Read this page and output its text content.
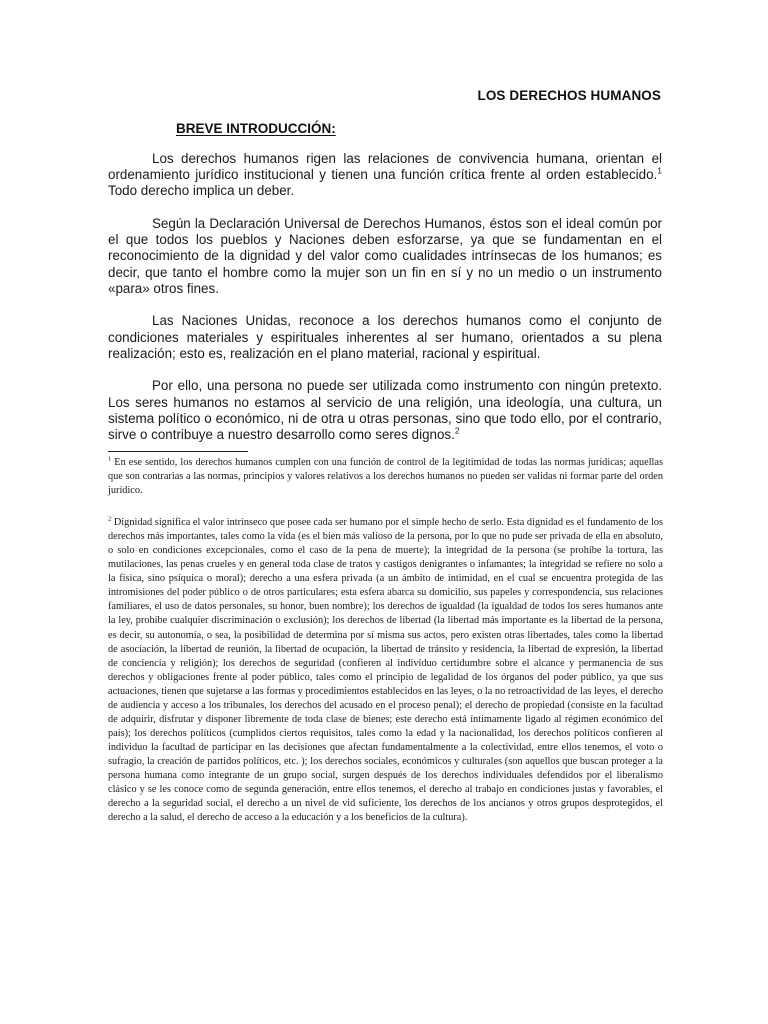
LOS DERECHOS HUMANOS
BREVE INTRODUCCIÓN:

Los derechos humanos rigen las relaciones de convivencia humana, orientan el ordenamiento jurídico institucional y tienen una función crítica frente al orden establecido.$^1$ Todo derecho implica un deber.

Según la Declaración Universal de Derechos Humanos, éstos son el ideal común por el que todos los pueblos y Naciones deben esforzarse, ya que se fundamentan en el reconocimiento de la dignidad y del valor como cualidades intrínsecas de los humanos; es decir, que tanto el hombre como la mujer son un fin en sí y no un medio o un instrumento «para» otros fines.

Las Naciones Unidas, reconoce a los derechos humanos como el conjunto de condiciones materiales y espirituales inherentes al ser humano, orientados a su plena realización; esto es, realización en el plano material, racional y espiritual.

Por ello, una persona no puede ser utilizada como instrumento con ningún pretexto. Los seres humanos no estamos al servicio de una religión, una ideología, una cultura, un sistema político o económico, ni de otra u otras personas, sino que todo ello, por el contrario, sirve o contribuye a nuestro desarrollo como seres dignos.$^2$

$^1$ En ese sentido, los derechos humanos cumplen con una función de control de la legitimidad de todas las normas jurídicas; aquellas que son contrarias a las normas, principios y valores relativos a los derechos humanos no pueden ser validas ni formar parte del orden jurídico.

$^2$ Dignidad significa el valor intrínseco que posee cada ser humano por el simple hecho de serlo. Esta dignidad es el fundamento de los derechos más importantes, tales como la vida (es el bien más valioso de la persona, por lo que no pude ser privada de ella en absoluto, o solo en condiciones excepcionales, como el caso de la pena de muerte); la integridad de la persona (se prohíbe la tortura, las mutilaciones, las penas crueles y en general toda clase de tratos y castigos denigrantes o infamantes; la integridad se refiere no solo a la física, sino psíquica o moral); derecho a una esfera privada (a un ámbito de intimidad, en el cual se encuentra protegida de las intromisiones del poder público o de otros particulares; esta esfera abarca su domicilio, sus papeles y correspondencia, sus relaciones familiares, el uso de datos personales, su honor, buen nombre); los derechos de igualdad (la igualdad de todos los seres humanos ante la ley, prohíbe cualquier discriminación o exclusión); los derechos de libertad (la libertad más importante es la libertad de la persona, es decir, su autonomía, o sea, la posibilidad de determina por sí misma sus actos, pero existen otras libertades, tales como la libertad de asociación, la libertad de reunión, la libertad de ocupación, la libertad de tránsito y residencia, la libertad de expresión, la libertad de conciencia y religión); los derechos de seguridad (confieren al individuo certidumbre sobre el alcance y permanencia de sus derechos y obligaciones frente al poder público, tales como el principio de legalidad de los órganos del poder público, ya que sus actuaciones, tienen que sujetarse a las formas y procedimientos establecidos en las leyes, o la no retroactividad de las leyes, el derecho de audiencia y acceso a los tribunales, los derechos del acusado en el proceso penal); el derecho de propiedad (consiste en la facultad de adquirir, disfrutar y disponer libremente de toda clase de bienes; este derecho está íntimamente ligado al régimen económico del país); los derechos políticos (cumplidos ciertos requisitos, tales como la edad y la nacionalidad, los derechos políticos confieren al individuo la facultad de participar en las decisiones que afectan fundamentalmente a la colectividad, entre ellos tenemos, el voto o sufragio, la creación de partidos políticos, etc. ); los derechos sociales, económicos y culturales (son aquellos que buscan proteger a la persona humana como integrante de un grupo social, surgen después de los derechos individuales defendidos por el liberalismo clásico y se les conoce como de segunda generación, entre ellos tenemos, el derecho al trabajo en condiciones justas y favorables, el derecho a la seguridad social, el derecho a un nivel de vid suficiente, los derechos de los ancianos y otros grupos desprotegidos, el derecho a la salud, el derecho de acceso a la educación y a los beneficios de la cultura).
